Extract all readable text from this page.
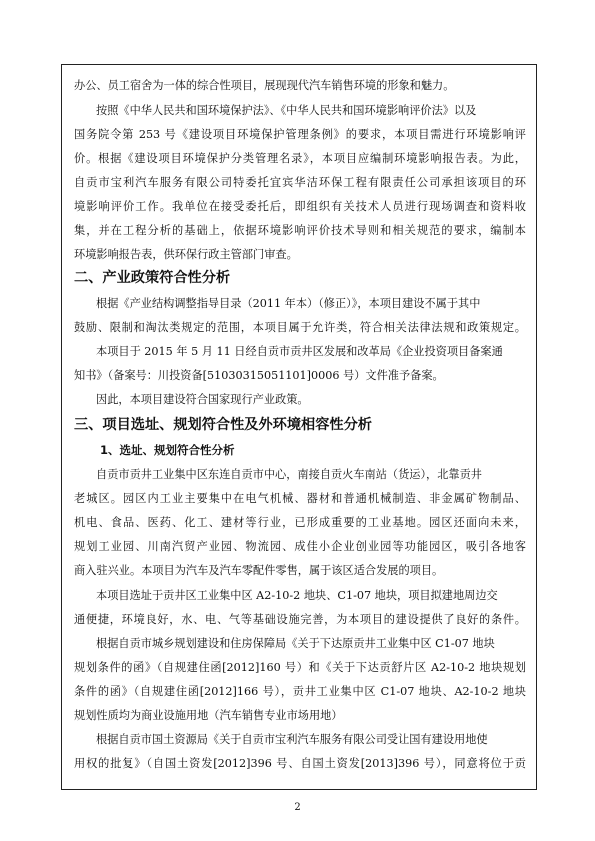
办公、员工宿舍为一体的综合性项目，展现现代汽车销售环境的形象和魅力。
按照《中华人民共和国环境保护法》、《中华人民共和国环境影响评价法》以及
国务院令第 253 号《建设项目环境保护管理条例》的要求，本项目需进行环境影响评
价。根据《建设项目环境保护分类管理名录》，本项目应编制环境影响报告表。为此，
自贡市宝利汽车服务有限公司特委托宜宾华洁环保工程有限责任公司承担该项目的环
境影响评价工作。我单位在接受委托后，即组织有关技术人员进行现场调查和资料收
集，并在工程分析的基础上，依据环境影响评价技术导则和相关规范的要求，编制本
环境影响报告表，供环保行政主管部门审查。
二、产业政策符合性分析
根据《产业结构调整指导目录（2011 年本）（修正）》，本项目建设不属于其中
鼓励、限制和淘汰类规定的范围，本项目属于允许类，符合相关法律法规和政策规定。
本项目于 2015 年 5 月 11 日经自贡市贡井区发展和改革局《企业投资项目备案通
知书》（备案号：川投资备[51030315051101]0006 号）文件准予备案。
因此，本项目建设符合国家现行产业政策。
三、项目选址、规划符合性及外环境相容性分析
1、选址、规划符合性分析
自贡市贡井工业集中区东连自贡市中心，南接自贡火车南站（货运），北靠贡井
老城区。园区内工业主要集中在电气机械、器材和普通机械制造、非金属矿物制品、
机电、食品、医药、化工、建材等行业，已形成重要的工业基地。园区还面向未来，
规划工业园、川南汽贸产业园、物流园、成佳小企业创业园等功能园区，吸引各地客
商入驻兴业。本项目为汽车及汽车零配件零售，属于该区适合发展的项目。
本项目选址于贡井区工业集中区 A2-10-2 地块、C1-07 地块，项目拟建地周边交
通便捷，环境良好，水、电、气等基础设施完善，为本项目的建设提供了良好的条件。
根据自贡市城乡规划建设和住房保障局《关于下达原贡井工业集中区 C1-07 地块
规划条件的函》（自规建住函[2012]160 号）和《关于下达贡舒片区 A2-10-2 地块规划
条件的函》（自规建住函[2012]166 号），贡井工业集中区 C1-07 地块、A2-10-2 地块
规划性质均为商业设施用地（汽车销售专业市场用地）
根据自贡市国土资源局《关于自贡市宝利汽车服务有限公司受让国有建设用地使
用权的批复》（自国土资发[2012]396 号、自国土资发[2013]396 号），同意将位于贡
2
